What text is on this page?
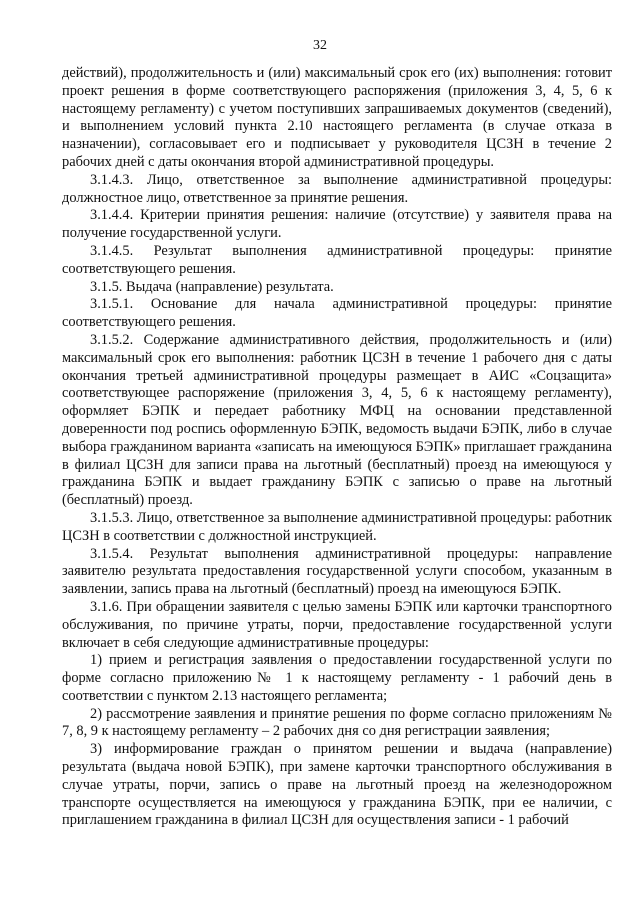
32

действий), продолжительность и (или) максимальный срок его (их) выполнения: готовит проект решения в форме соответствующего распоряжения (приложения 3, 4, 5, 6 к настоящему регламенту) с учетом поступивших запрашиваемых документов (сведений), и выполнением условий пункта 2.10 настоящего регламента (в случае отказа в назначении), согласовывает его и подписывает у руководителя ЦСЗН в течение 2 рабочих дней с даты окончания второй административной процедуры.

3.1.4.3. Лицо, ответственное за выполнение административной процедуры: должностное лицо, ответственное за принятие решения.

3.1.4.4. Критерии принятия решения: наличие (отсутствие) у заявителя права на получение государственной услуги.

3.1.4.5. Результат выполнения административной процедуры: принятие соответствующего решения.

3.1.5. Выдача (направление) результата.

3.1.5.1. Основание для начала административной процедуры: принятие соответствующего решения.

3.1.5.2. Содержание административного действия, продолжительность и (или) максимальный срок его выполнения: работник ЦСЗН в течение 1 рабочего дня с даты окончания третьей административной процедуры размещает в АИС «Соцзащита» соответствующее распоряжение (приложения 3, 4, 5, 6 к настоящему регламенту), оформляет БЭПК и передает работнику МФЦ на основании представленной доверенности под роспись оформленную БЭПК, ведомость выдачи БЭПК, либо в случае выбора гражданином варианта «записать на имеющуюся БЭПК» приглашает гражданина в филиал ЦСЗН для записи права на льготный (бесплатный) проезд на имеющуюся у гражданина БЭПК и выдает гражданину БЭПК с записью о праве на льготный (бесплатный) проезд.

3.1.5.3. Лицо, ответственное за выполнение административной процедуры: работник ЦСЗН в соответствии с должностной инструкцией.

3.1.5.4. Результат выполнения административной процедуры: направление заявителю результата предоставления государственной услуги способом, указанным в заявлении, запись права на льготный (бесплатный) проезд на имеющуюся БЭПК.

3.1.6. При обращении заявителя с целью замены БЭПК или карточки транспортного обслуживания, по причине утраты, порчи, предоставление государственной услуги включает в себя следующие административные процедуры:

1) прием и регистрация заявления о предоставлении государственной услуги по форме согласно приложению№ 1 к настоящему регламенту - 1 рабочий день в соответствии с пунктом 2.13 настоящего регламента;

2) рассмотрение заявления и принятие решения по форме согласно приложениям № 7, 8, 9 к настоящему регламенту – 2 рабочих дня со дня регистрации заявления;

3) информирование граждан о принятом решении и выдача (направление) результата (выдача новой БЭПК), при замене карточки транспортного обслуживания в случае утраты, порчи, запись о праве на льготный проезд на железнодорожном транспорте осуществляется на имеющуюся у гражданина БЭПК, при ее наличии, с приглашением гражданина в филиал ЦСЗН для осуществления записи - 1 рабочий
